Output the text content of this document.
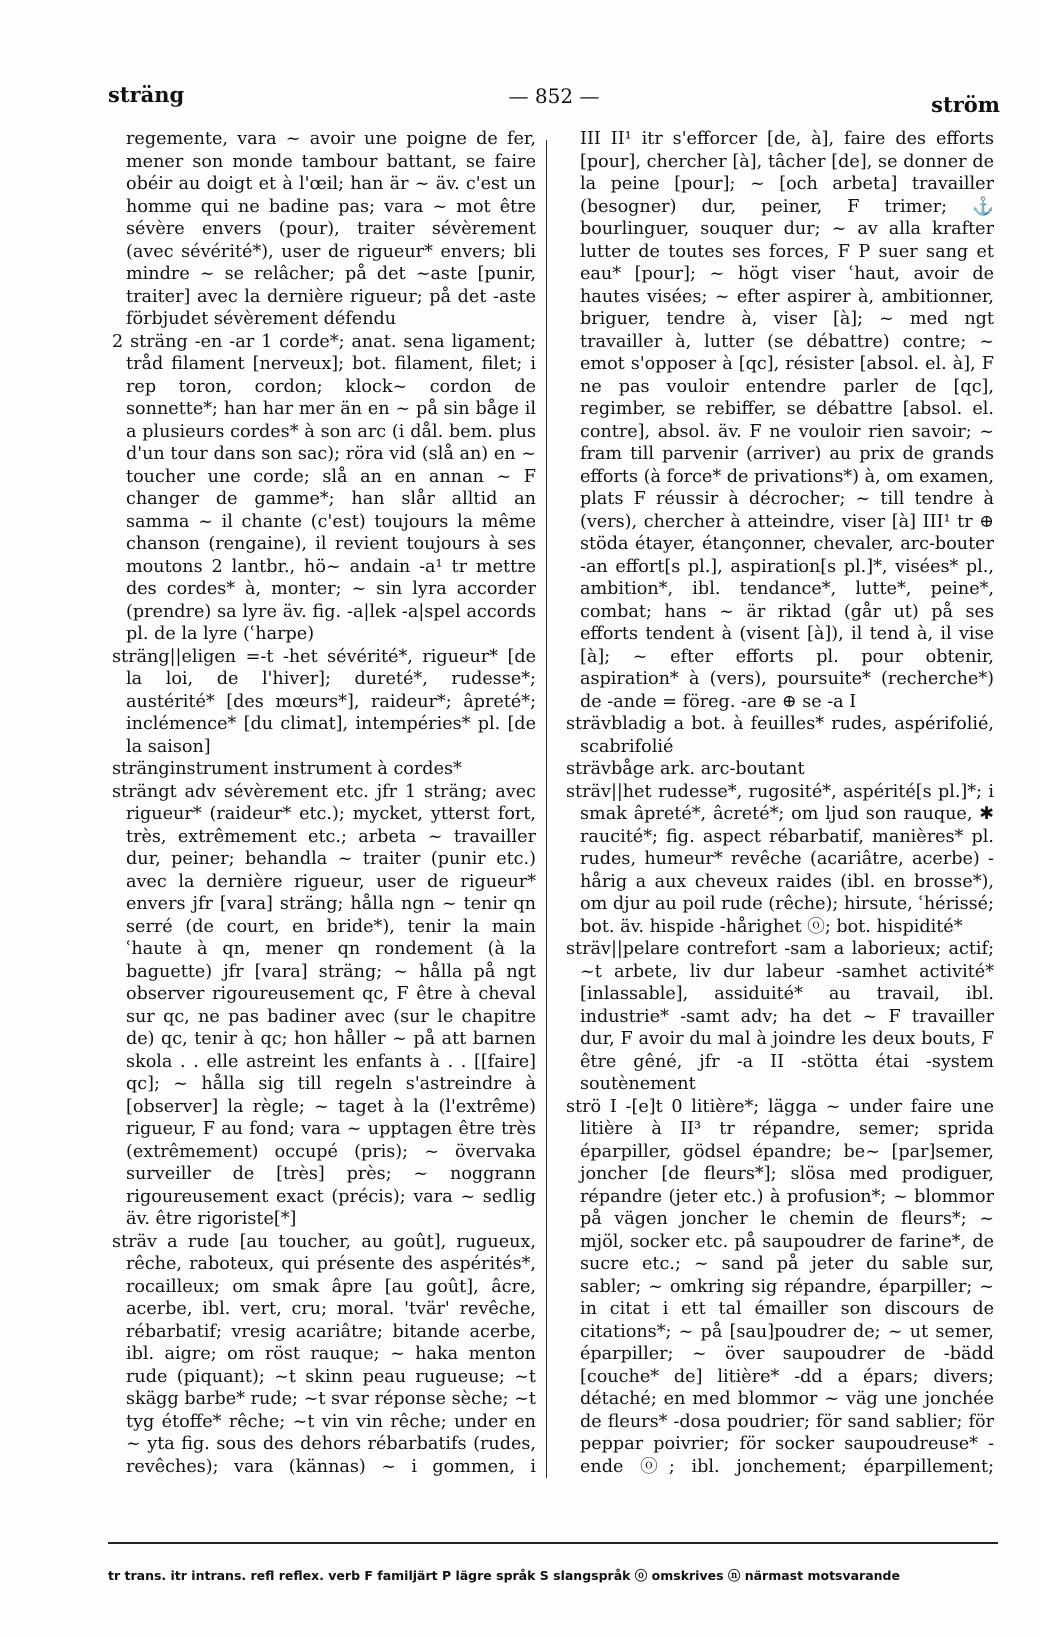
sträng	— 852 —	ström

regemente, vara ~ avoir une poigne de fer, mener son monde tambour battant, se faire obéir au doigt et à l'œil; han är ~ äv. c'est un homme qui ne badine pas; vara ~ mot être sévère envers (pour), traiter sévèrement (avec sévérité*), user de rigueur* envers; bli mindre ~ se relâcher; på det ~aste [punir, traiter] avec la dernière rigueur; på det -aste förbjudet sévèrement défendu

2 sträng -en -ar 1 corde*; anat. sena ligament; tråd filament [nerveux]; bot. filament, filet; i rep toron, cordon; klock~ cordon de sonnette*; han har mer än en ~ på sin båge il a plusieurs cordes* à son arc (i dål. bem. plus d'un tour dans son sac); röra vid (slå an) en ~ toucher une corde; slå an en annan ~ F changer de gamme*; han slår alltid an samma ~ il chante (c'est) toujours la même chanson (rengaine), il revient toujours à ses moutons 2 lantbr., hö~ andain -a¹ tr mettre des cordes* à, monter; ~ sin lyra accorder (prendre) sa lyre äv. fig. -a|lek -a|spel accords pl. de la lyre (ʿharpe)

sträng||eligen =-t -het sévérité*, rigueur* [de la loi, de l'hiver]; dureté*, rudesse*; austérité* [des mœurs*], raideur*; âpreté*; inclémence* [du climat], intempéries* pl. [de la saison]

stränginstrument instrument à cordes*

strängt adv sévèrement etc. jfr 1 sträng; avec rigueur* (raideur* etc.); mycket, ytterst fort, très, extrêmement etc.; arbeta ~ travailler dur, peiner; behandla ~ traiter (punir etc.) avec la dernière rigueur, user de rigueur* envers jfr [vara] sträng; hålla ngn ~ tenir qn serré (de court, en bride*), tenir la main ʿhaute à qn, mener qn rondement (à la baguette) jfr [vara] sträng; ~ hålla på ngt observer rigoureusement qc, F être à cheval sur qc, ne pas badiner avec (sur le chapitre de) qc, tenir à qc; hon håller ~ på att barnen skola . . elle astreint les enfants à . . [[faire] qc]; ~ hålla sig till regeln s'astreindre à [observer] la règle; ~ taget à la (l'extrême) rigueur, F au fond; vara ~ upptagen être très (extrêmement) occupé (pris); ~ övervaka surveiller de [très] près; ~ noggrann rigoureusement exact (précis); vara ~ sedlig äv. être rigoriste[*]

sträv a rude [au toucher, au goût], rugueux, rêche, raboteux, qui présente des aspérités*, rocailleux; om smak âpre [au goût], âcre, acerbe, ibl. vert, cru; moral. 'tvär' revêche, rébarbatif; vresig acariâtre; bitande acerbe, ibl. aigre; om röst rauque; ~ haka menton rude (piquant); ~t skinn peau rugueuse; ~t skägg barbe* rude; ~t svar réponse sèche; ~t tyg étoffe* rêche; ~t vin vin rêche; under en ~ yta fig. sous des dehors rébarbatifs (rudes, revêches); vara (kännas) ~ i gommen, i

III II¹ itr s'efforcer [de, à], faire des efforts [pour], chercher [à], tâcher [de], se donner de la peine [pour]; ~ [och arbeta] travailler (besogner) dur, peiner, F trimer; ⚓ bourlinguer, souquer dur; ~ av alla krafter lutter de toutes ses forces, F P suer sang et eau* [pour]; ~ högt viser ʿhaut, avoir de hautes visées; ~ efter aspirer à, ambitionner, briguer, tendre à, viser [à]; ~ med ngt travailler à, lutter (se débattre) contre; ~ emot s'opposer à [qc], résister [absol. el. à], F ne pas vouloir entendre parler de [qc], regimber, se rebiffer, se débattre [absol. el. contre], absol. äv. F ne vouloir rien savoir; ~ fram till parvenir (arriver) au prix de grands efforts (à force* de privations*) à, om examen, plats F réussir à décrocher; ~ till tendre à (vers), chercher à atteindre, viser [à] III¹ tr ⊕ stöda étayer, étançonner, chevaler, arc-bouter -an effort[s pl.], aspiration[s pl.]*, visées* pl., ambition*, ibl. tendance*, lutte*, peine*, combat; hans ~ är riktad (går ut) på ses efforts tendent à (visent [à]), il tend à, il vise [à]; ~ efter efforts pl. pour obtenir, aspiration* à (vers), poursuite* (recherche*) de -ande = föreg. -are ⊕ se -a I

strävbladig a bot. à feuilles* rudes, aspérifolié, scabrifolié

strävbåge ark. arc-boutant

sträv||het rudesse*, rugosité*, aspérité[s pl.]*; i smak âpreté*, âcreté*; om ljud son rauque, ✱ raucité*; fig. aspect rébarbatif, manières* pl. rudes, humeur* revêche (acariâtre, acerbe) -hårig a aux cheveux raides (ibl. en brosse*), om djur au poil rude (rêche); hirsute, ʿhérissé; bot. äv. hispide -hårighet ⓞ; bot. hispidité*

sträv||pelare contrefort -sam a laborieux; actif; ~t arbete, liv dur labeur -samhet activité* [inlassable], assiduité* au travail, ibl. industrie* -samt adv; ha det ~ F travailler dur, F avoir du mal à joindre les deux bouts, F être gêné, jfr -a II -stötta étai -system soutènement

strö I -[e]t 0 litière*; lägga ~ under faire une litière à II³ tr répandre, semer; sprida éparpiller, gödsel épandre; be~ [par]semer, joncher [de fleurs*]; slösa med prodiguer, répandre (jeter etc.) à profusion*; ~ blommor på vägen joncher le chemin de fleurs*; ~ mjöl, socker etc. på saupoudrer de farine*, de sucre etc.; ~ sand på jeter du sable sur, sabler; ~ omkring sig répandre, éparpiller; ~ in citat i ett tal émailler son discours de citations*; ~ på [sau]poudrer de; ~ ut semer, éparpiller; ~ över saupoudrer de -bädd [couche* de] litière* -dd a épars; divers; détaché; en med blommor ~ väg une jonchée de fleurs* -dosa poudrier; för sand sablier; för peppar poivrier; för socker saupoudreuse* -ende ⓞ; ibl. jonchement; éparpillement;

tr trans. itr intrans. refl reflex. verb F familjärt P lägre språk S slangspråk ⓞ omskrives ⓝ närmast motsvarande
